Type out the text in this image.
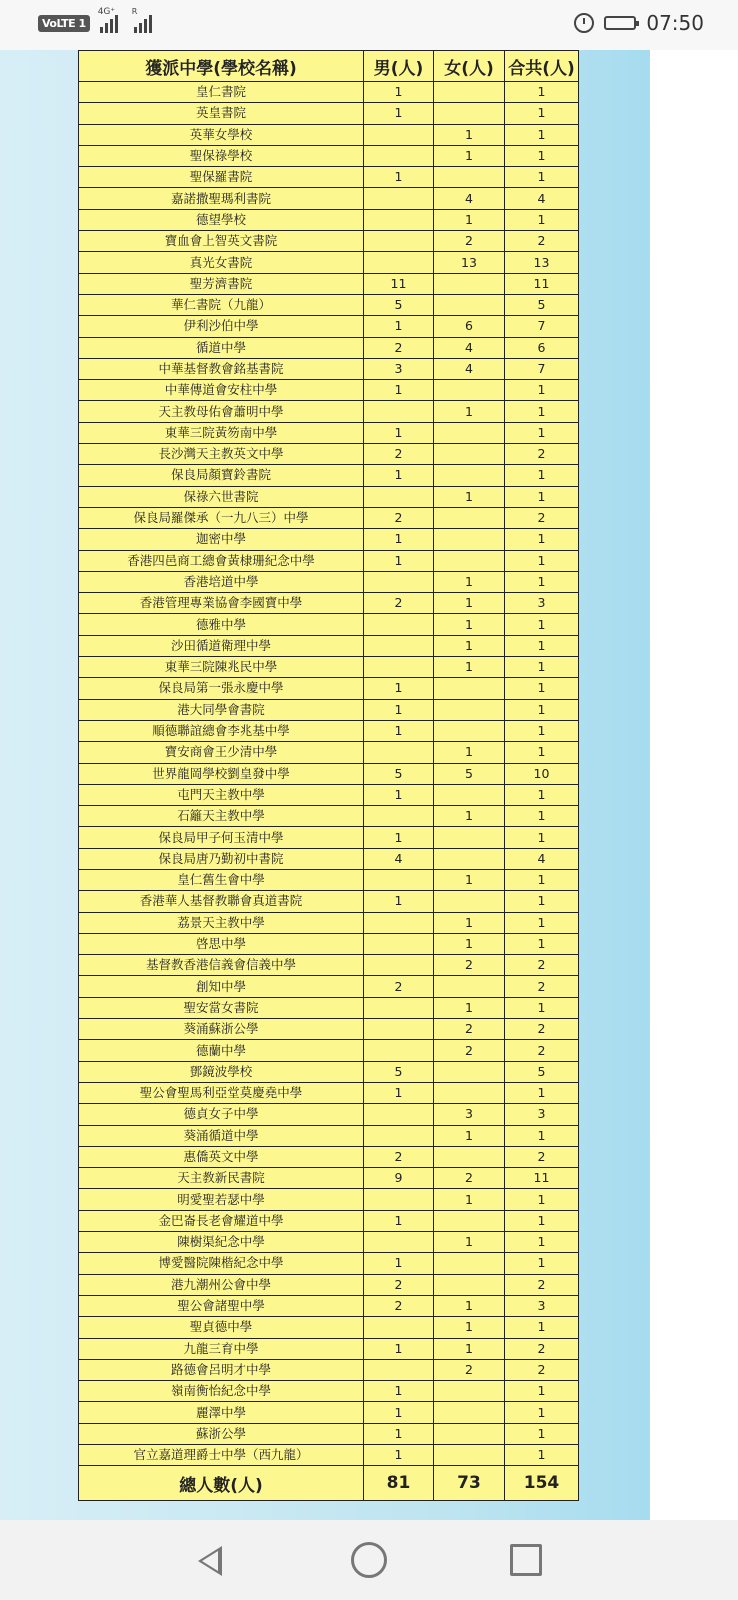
VoLTE 1
4G⁺ R	07:50
獲派中學(學校名稱)	男(人)	女(人)	合共(人)
皇仁書院	1		1
英皇書院	1		1
英華女學校		1	1
聖保祿學校		1	1
聖保羅書院	1		1
嘉諾撒聖瑪利書院		4	4
德望學校		1	1
寶血會上智英文書院		2	2
真光女書院		13	13
聖芳濟書院	11		11
華仁書院（九龍）	5		5
伊利沙伯中學	1	6	7
循道中學	2	4	6
中華基督教會銘基書院	3	4	7
中華傳道會安柱中學	1		1
天主教母佑會蕭明中學		1	1
東華三院黃笏南中學	1		1
長沙灣天主教英文中學	2		2
保良局顏寶鈴書院	1		1
保祿六世書院		1	1
保良局羅傑承（一九八三）中學	2		2
迦密中學	1		1
香港四邑商工總會黃棣珊紀念中學	1		1
香港培道中學		1	1
香港管理專業協會李國寶中學	2	1	3
德雅中學		1	1
沙田循道衛理中學		1	1
東華三院陳兆民中學		1	1
保良局第一張永慶中學	1		1
港大同學會書院	1		1
順德聯誼總會李兆基中學	1		1
寶安商會王少清中學		1	1
世界龍岡學校劉皇發中學	5	5	10
屯門天主教中學	1		1
石籬天主教中學		1	1
保良局甲子何玉清中學	1		1
保良局唐乃勤初中書院	4		4
皇仁舊生會中學		1	1
香港華人基督教聯會真道書院	1		1
荔景天主教中學		1	1
啓思中學		1	1
基督教香港信義會信義中學		2	2
創知中學	2		2
聖安當女書院		1	1
葵涌蘇浙公學		2	2
德蘭中學		2	2
鄧鏡波學校	5		5
聖公會聖馬利亞堂莫慶堯中學	1		1
德貞女子中學		3	3
葵涌循道中學		1	1
惠僑英文中學	2		2
天主教新民書院	9	2	11
明愛聖若瑟中學		1	1
金巴崙長老會耀道中學	1		1
陳樹渠紀念中學		1	1
博愛醫院陳楷紀念中學	1		1
港九潮州公會中學	2		2
聖公會諸聖中學	2	1	3
聖貞德中學		1	1
九龍三育中學	1	1	2
路德會呂明才中學		2	2
嶺南衡怡紀念中學	1		1
麗澤中學	1		1
蘇浙公學	1		1
官立嘉道理爵士中學（西九龍）	1		1
總人數(人)	81	73	154
